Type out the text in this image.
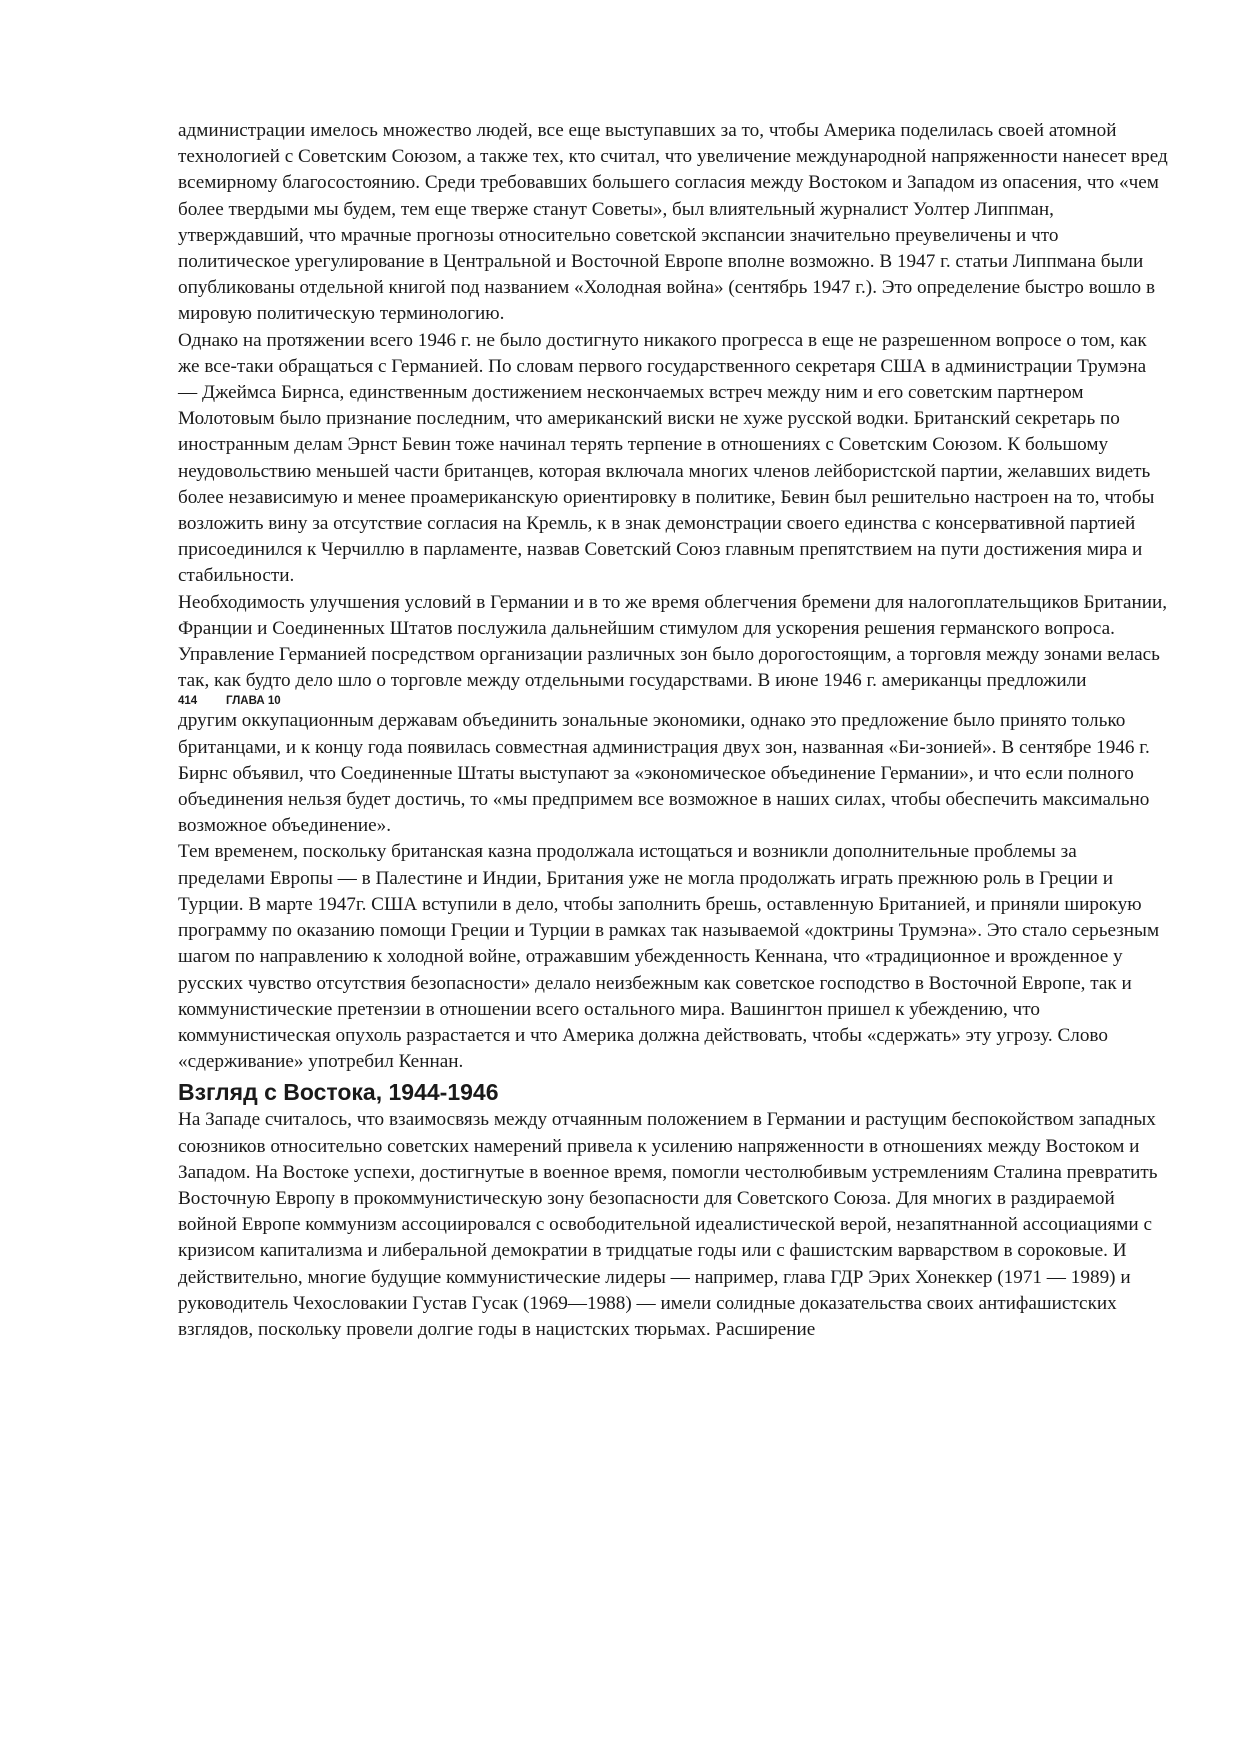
администрации имелось множество людей, все еще выступавших за то, чтобы Америка поделилась своей атомной технологией с Советским Союзом, а также тех, кто считал, что увеличение международной напряженности нанесет вред всемирному благосостоянию. Среди требовавших большего согласия между Востоком и Западом из опасения, что «чем более твердыми мы будем, тем еще тверже станут Советы», был влиятельный журналист Уолтер Липпман, утверждавший, что мрачные прогнозы относительно советской экспансии значительно преувеличены и что политическое урегулирование в Центральной и Восточной Европе вполне возможно. В 1947 г. статьи Липпмана были опубликованы отдельной книгой под названием «Холодная война» (сентябрь 1947 г.). Это определение быстро вошло в мировую политическую терминологию.

Однако на протяжении всего 1946 г. не было достигнуто никакого прогресса в еще не разрешенном вопросе о том, как же все-таки обращаться с Германией. По словам первого государственного секретаря США в администрации Трумэна — Джеймса Бирнса, единственным достижением нескончаемых встреч между ним и его советским партнером Молотовым было признание последним, что американский виски не хуже русской водки. Британский секретарь по иностранным делам Эрнст Бевин тоже начинал терять терпение в отношениях с Советским Союзом. К большому неудовольствию меньшей части британцев, которая включала многих членов лейбористской партии, желавших видеть более независимую и менее проамериканскую ориентировку в политике, Бевин был решительно настроен на то, чтобы возложить вину за отсутствие согласия на Кремль, к в знак демонстрации своего единства с консервативной партией присоединился к Черчиллю в парламенте, назвав Советский Союз главным препятствием на пути достижения мира и стабильности.

Необходимость улучшения условий в Германии и в то же время облегчения бремени для налогоплательщиков Британии, Франции и Соединенных Штатов послужила дальнейшим стимулом для ускорения решения германского вопроса. Управление Германией посредством организации различных зон было дорогостоящим, а торговля между зонами велась так, как будто дело шло о торговле между отдельными государствами. В июне 1946 г. американцы предложили

414	ГЛАВА 10

другим оккупационным державам объединить зональные экономики, однако это предложение было принято только британцами, и к концу года появилась совместная администрация двух зон, названная «Би-зонией». В сентябре 1946 г. Бирнс объявил, что Соединенные Штаты выступают за «экономическое объединение Германии», и что если полного объединения нельзя будет достичь, то «мы предпримем все возможное в наших силах, чтобы обеспечить максимально возможное объединение».

Тем временем, поскольку британская казна продолжала истощаться и возникли дополнительные проблемы за пределами Европы — в Палестине и Индии, Британия уже не могла продолжать играть прежнюю роль в Греции и Турции. В марте 1947г. США вступили в дело, чтобы заполнить брешь, оставленную Британией, и приняли широкую программу по оказанию помощи Греции и Турции в рамках так называемой «доктрины Трумэна». Это стало серьезным шагом по направлению к холодной войне, отражавшим убежденность Кеннана, что «традиционное и врожденное у русских чувство отсутствия безопасности» делало неизбежным как советское господство в Восточной Европе, так и коммунистические претензии в отношении всего остального мира. Вашингтон пришел к убеждению, что коммунистическая опухоль разрастается и что Америка должна действовать, чтобы «сдержать» эту угрозу. Слово «сдерживание» употребил Кеннан.

Взгляд с Востока, 1944-1946

На Западе считалось, что взаимосвязь между отчаянным положением в Германии и растущим беспокойством западных союзников относительно советских намерений привела к усилению напряженности в отношениях между Востоком и Западом. На Востоке успехи, достигнутые в военное время, помогли честолюбивым устремлениям Сталина превратить Восточную Европу в прокоммунистическую зону безопасности для Советского Союза. Для многих в раздираемой войной Европе коммунизм ассоциировался с освободительной идеалистической верой, незапятнанной ассоциациями с кризисом капитализма и либеральной демократии в тридцатые годы или с фашистским варварством в сороковые. И действительно, многие будущие коммунистические лидеры — например, глава ГДР Эрих Хонеккер (1971 — 1989) и руководитель Чехословакии Густав Гусак (1969—1988) — имели солидные доказательства своих антифашистских взглядов, поскольку провели долгие годы в нацистских тюрьмах. Расширение
